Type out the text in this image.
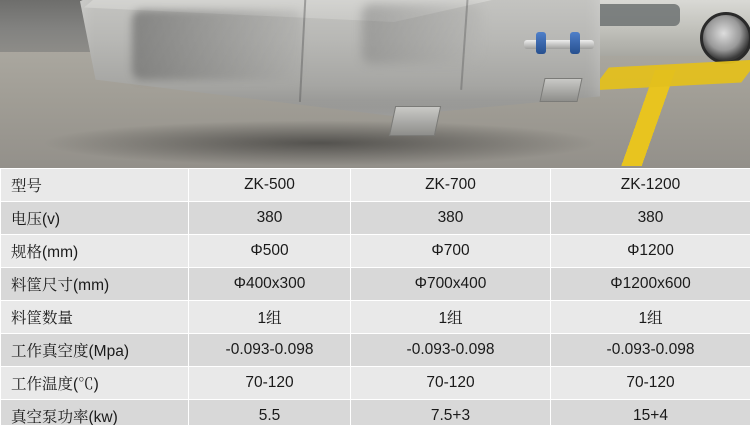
型号	ZK-500	ZK-700	ZK-1200
电压(v)	380	380	380
规格(mm)	Φ500	Φ700	Φ1200
料筐尺寸(mm)	Φ400x300	Φ700x400	Φ1200x600
料筐数量	1组	1组	1组
工作真空度(Mpa)	-0.093-0.098	-0.093-0.098	-0.093-0.098
工作温度(℃)	70-120	70-120	70-120
真空泵功率(kw)	5.5	7.5+3	15+4
